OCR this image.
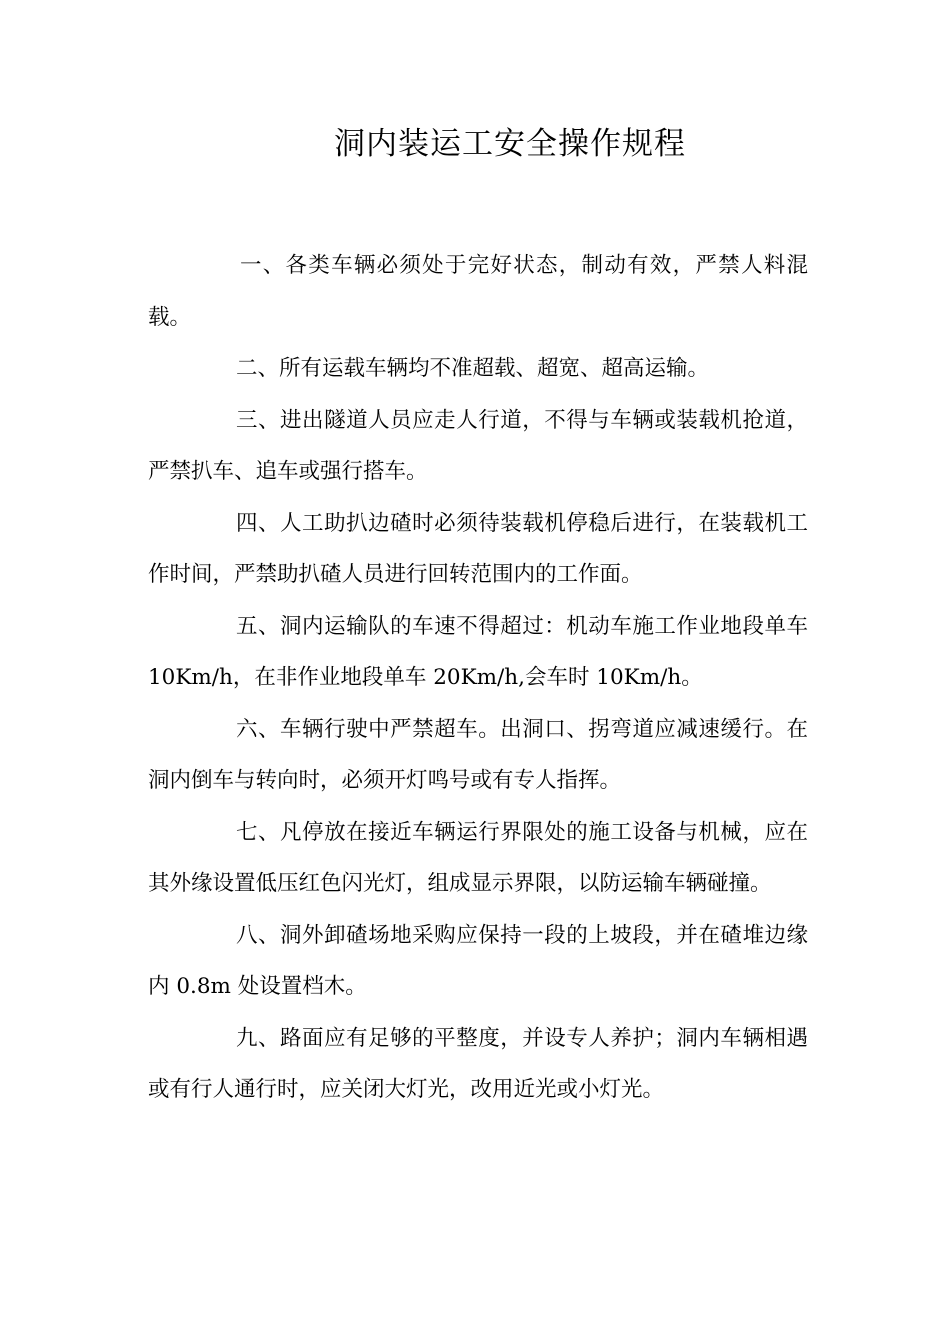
洞内装运工安全操作规程

一、各类车辆必须处于完好状态，制动有效，严禁人料混载。

二、所有运载车辆均不准超载、超宽、超高运输。

三、进出隧道人员应走人行道，不得与车辆或装载机抢道，严禁扒车、追车或强行搭车。

四、人工助扒边碴时必须待装载机停稳后进行，在装载机工作时间，严禁助扒碴人员进行回转范围内的工作面。

五、洞内运输队的车速不得超过：机动车施工作业地段单车 10Km/h，在非作业地段单车 20Km/h,会车时 10Km/h。

六、车辆行驶中严禁超车。出洞口、拐弯道应减速缓行。在洞内倒车与转向时，必须开灯鸣号或有专人指挥。

七、凡停放在接近车辆运行界限处的施工设备与机械，应在其外缘设置低压红色闪光灯，组成显示界限，以防运输车辆碰撞。

八、洞外卸碴场地采购应保持一段的上坡段，并在碴堆边缘内 0.8m 处设置档木。

九、路面应有足够的平整度，并设专人养护；洞内车辆相遇或有行人通行时，应关闭大灯光，改用近光或小灯光。
